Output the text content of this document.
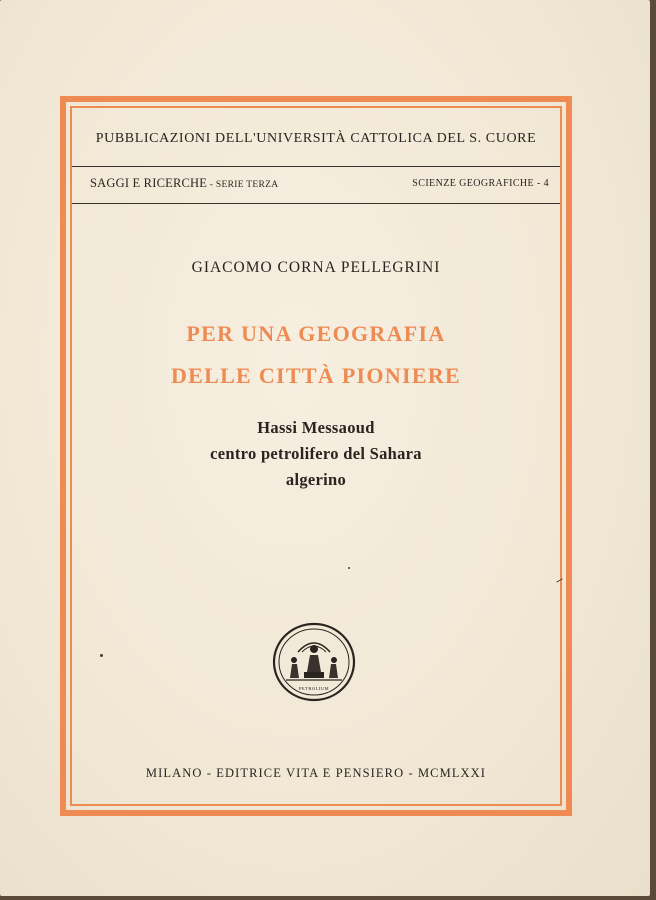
PUBBLICAZIONI DELL'UNIVERSITÀ CATTOLICA DEL S. CUORE
SAGGI E RICERCHE - SERIE TERZA	SCIENZE GEOGRAFICHE - 4
GIACOMO CORNA PELLEGRINI
PER UNA GEOGRAFIA
DELLE CITTÀ PIONIERE
Hassi Messaoud
centro petrolifero del Sahara
algerino
PETROLIUM
MILANO - EDITRICE VITA E PENSIERO - MCMLXXI
